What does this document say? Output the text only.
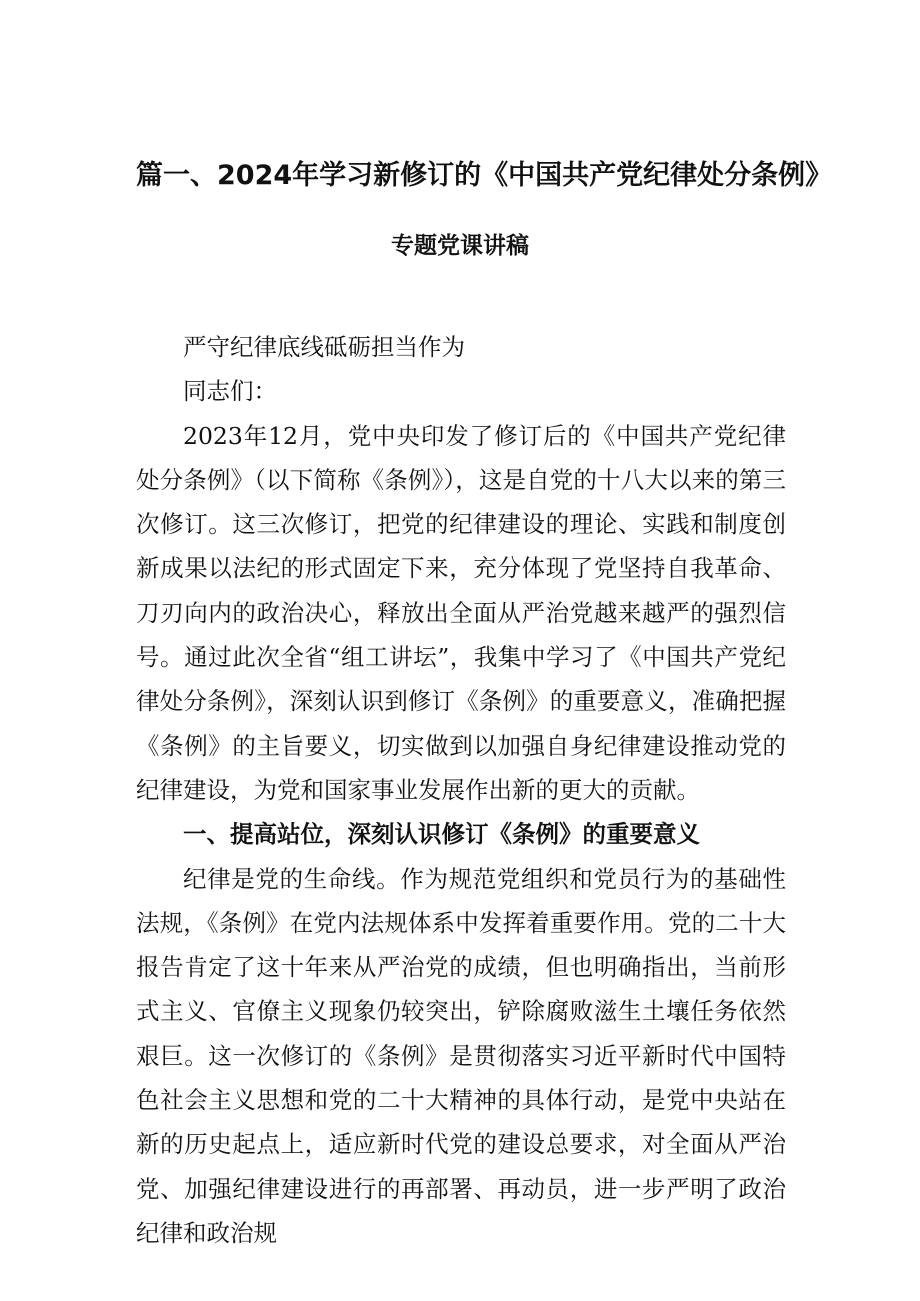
篇一、2024年学习新修订的《中国共产党纪律处分条例》
专题党课讲稿

严守纪律底线砥砺担当作为

同志们：

2023年12月，党中央印发了修订后的《中国共产党纪律处分条例》（以下简称《条例》），这是自党的十八大以来的第三次修订。这三次修订，把党的纪律建设的理论、实践和制度创新成果以法纪的形式固定下来，充分体现了党坚持自我革命、刀刃向内的政治决心，释放出全面从严治党越来越严的强烈信号。通过此次全省“组工讲坛”，我集中学习了《中国共产党纪律处分条例》，深刻认识到修订《条例》的重要意义，准确把握《条例》的主旨要义，切实做到以加强自身纪律建设推动党的纪律建设，为党和国家事业发展作出新的更大的贡献。

一、提高站位，深刻认识修订《条例》的重要意义

纪律是党的生命线。作为规范党组织和党员行为的基础性法规，《条例》在党内法规体系中发挥着重要作用。党的二十大报告肯定了这十年来从严治党的成绩，但也明确指出，当前形式主义、官僚主义现象仍较突出，铲除腐败滋生土壤任务依然艰巨。这一次修订的《条例》是贯彻落实习近平新时代中国特色社会主义思想和党的二十大精神的具体行动，是党中央站在新的历史起点上，适应新时代党的建设总要求，对全面从严治党、加强纪律建设进行的再部署、再动员，进一步严明了政治纪律和政治规
